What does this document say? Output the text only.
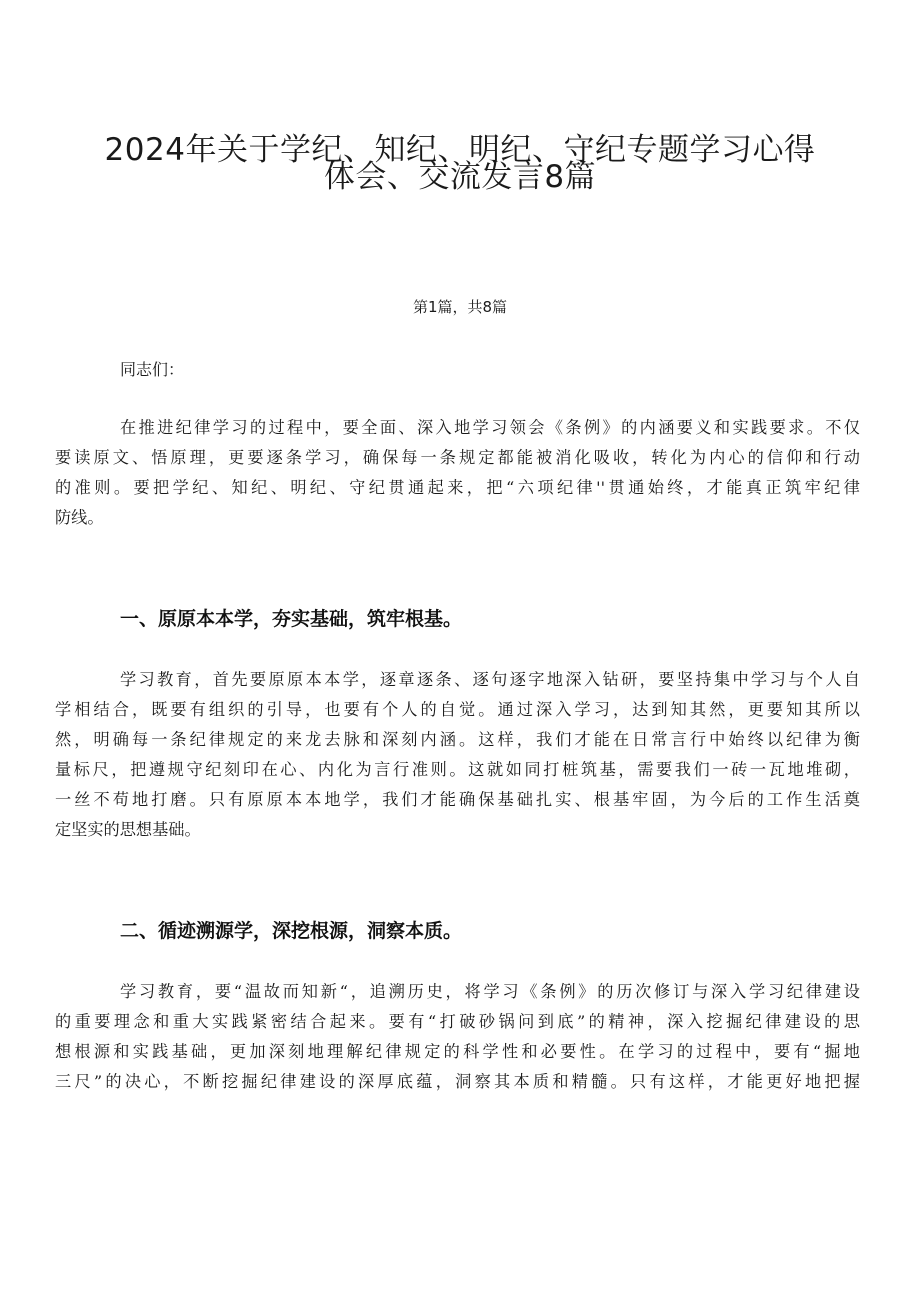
2024年关于学纪、知纪、明纪、守纪专题学习心得
体会、交流发言8篇
第1篇，共8篇
同志们：
在推进纪律学习的过程中，要全面、深入地学习领会《条例》的内涵要义和实践要求。不仅
要读原文、悟原理，更要逐条学习，确保每一条规定都能被消化吸收，转化为内心的信仰和行动
的准则。要把学纪、知纪、明纪、守纪贯通起来，把“六项纪律''贯通始终，才能真正筑牢纪律
防线。
一、原原本本学，夯实基础，筑牢根基。
学习教育，首先要原原本本学，逐章逐条、逐句逐字地深入钻研，要坚持集中学习与个人自
学相结合，既要有组织的引导，也要有个人的自觉。通过深入学习，达到知其然，更要知其所以
然，明确每一条纪律规定的来龙去脉和深刻内涵。这样，我们才能在日常言行中始终以纪律为衡
量标尺，把遵规守纪刻印在心、内化为言行准则。这就如同打桩筑基，需要我们一砖一瓦地堆砌，
一丝不苟地打磨。只有原原本本地学，我们才能确保基础扎实、根基牢固，为今后的工作生活奠
定坚实的思想基础。
二、循迹溯源学，深挖根源，洞察本质。
学习教育，要“温故而知新“，追溯历史，将学习《条例》的历次修订与深入学习纪律建设
的重要理念和重大实践紧密结合起来。要有“打破砂锅问到底”的精神，深入挖掘纪律建设的思
想根源和实践基础，更加深刻地理解纪律规定的科学性和必要性。在学习的过程中，要有“掘地
三尺”的决心，不断挖掘纪律建设的深厚底蕴，洞察其本质和精髓。只有这样，才能更好地把握
